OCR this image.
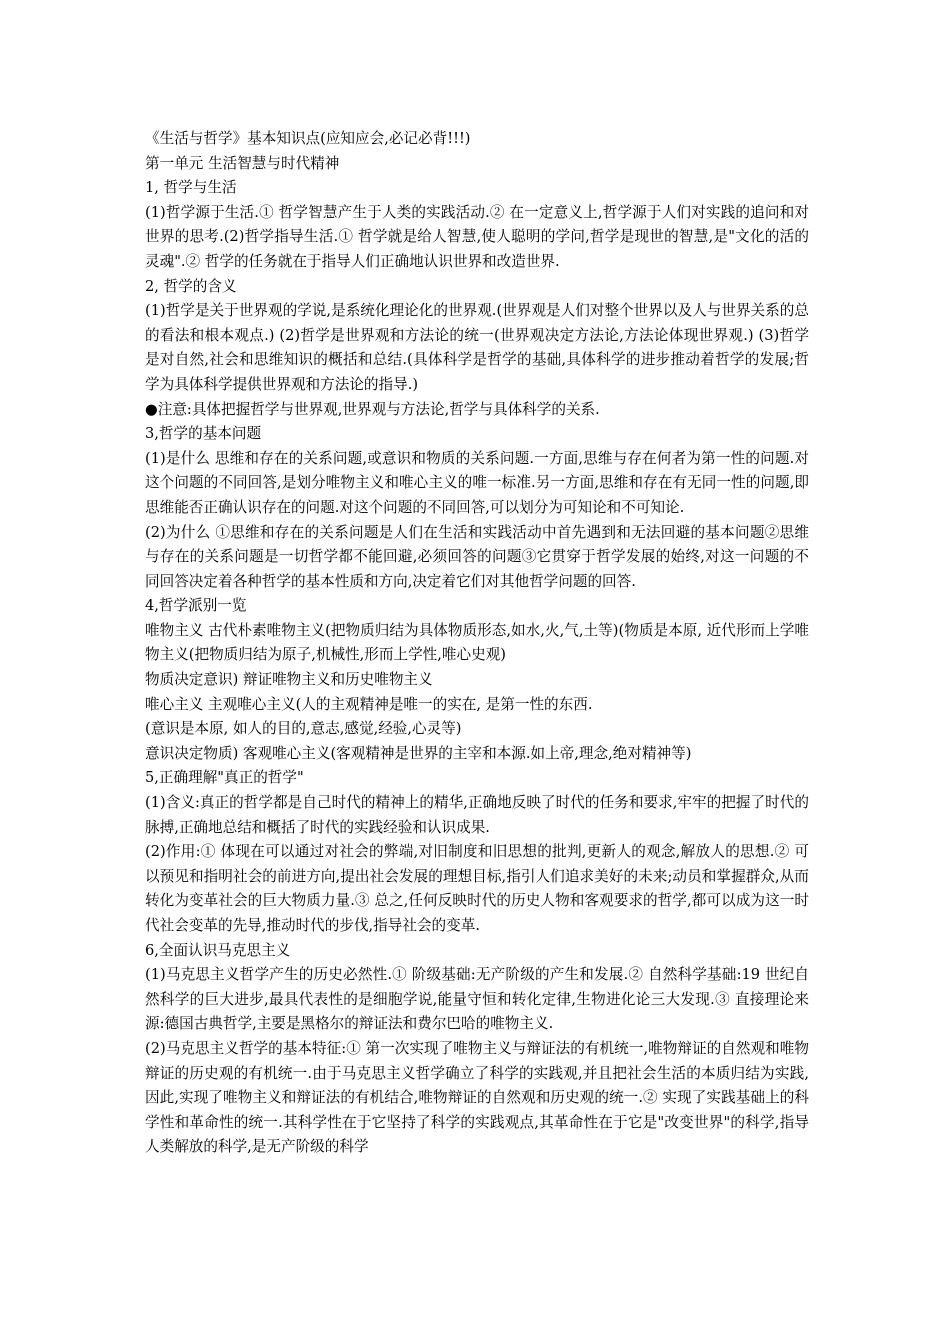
《生活与哲学》基本知识点(应知应会,必记必背!!!)

第一单元 生活智慧与时代精神

1, 哲学与生活

(1)哲学源于生活.① 哲学智慧产生于人类的实践活动.② 在一定意义上,哲学源于人们对实践的追问和对世界的思考.(2)哲学指导生活.① 哲学就是给人智慧,使人聪明的学问,哲学是现世的智慧,是"文化的活的灵魂".② 哲学的任务就在于指导人们正确地认识世界和改造世界.

2, 哲学的含义

(1)哲学是关于世界观的学说,是系统化理论化的世界观.(世界观是人们对整个世界以及人与世界关系的总的看法和根本观点.) (2)哲学是世界观和方法论的统一(世界观决定方法论,方法论体现世界观.) (3)哲学是对自然,社会和思维知识的概括和总结.(具体科学是哲学的基础,具体科学的进步推动着哲学的发展;哲学为具体科学提供世界观和方法论的指导.)

●注意:具体把握哲学与世界观,世界观与方法论,哲学与具体科学的关系.

3,哲学的基本问题

(1)是什么 思维和存在的关系问题,或意识和物质的关系问题.一方面,思维与存在何者为第一性的问题.对这个问题的不同回答,是划分唯物主义和唯心主义的唯一标准.另一方面,思维和存在有无同一性的问题,即思维能否正确认识存在的问题.对这个问题的不同回答,可以划分为可知论和不可知论.

(2)为什么 ①思维和存在的关系问题是人们在生活和实践活动中首先遇到和无法回避的基本问题②思维与存在的关系问题是一切哲学都不能回避,必须回答的问题③它贯穿于哲学发展的始终,对这一问题的不同回答决定着各种哲学的基本性质和方向,决定着它们对其他哲学问题的回答.

4,哲学派别一览

唯物主义 古代朴素唯物主义(把物质归结为具体物质形态,如水,火,气,土等)(物质是本原, 近代形而上学唯物主义(把物质归结为原子,机械性,形而上学性,唯心史观)

物质决定意识) 辩证唯物主义和历史唯物主义

唯心主义 主观唯心主义(人的主观精神是唯一的实在, 是第一性的东西.

(意识是本原, 如人的目的,意志,感觉,经验,心灵等)

意识决定物质) 客观唯心主义(客观精神是世界的主宰和本源.如上帝,理念,绝对精神等)

5,正确理解"真正的哲学"

(1)含义:真正的哲学都是自己时代的精神上的精华,正确地反映了时代的任务和要求,牢牢的把握了时代的脉搏,正确地总结和概括了时代的实践经验和认识成果.

(2)作用:① 体现在可以通过对社会的弊端,对旧制度和旧思想的批判,更新人的观念,解放人的思想.② 可以预见和指明社会的前进方向,提出社会发展的理想目标,指引人们追求美好的未来;动员和掌握群众,从而转化为变革社会的巨大物质力量.③ 总之,任何反映时代的历史人物和客观要求的哲学,都可以成为这一时代社会变革的先导,推动时代的步伐,指导社会的变革.

6,全面认识马克思主义

(1)马克思主义哲学产生的历史必然性.① 阶级基础:无产阶级的产生和发展.② 自然科学基础:19 世纪自然科学的巨大进步,最具代表性的是细胞学说,能量守恒和转化定律,生物进化论三大发现.③ 直接理论来源:德国古典哲学,主要是黑格尔的辩证法和费尔巴哈的唯物主义.

(2)马克思主义哲学的基本特征:① 第一次实现了唯物主义与辩证法的有机统一,唯物辩证的自然观和唯物辩证的历史观的有机统一.由于马克思主义哲学确立了科学的实践观,并且把社会生活的本质归结为实践,因此,实现了唯物主义和辩证法的有机结合,唯物辩证的自然观和历史观的统一.② 实现了实践基础上的科学性和革命性的统一.其科学性在于它坚持了科学的实践观点,其革命性在于它是"改变世界"的科学,指导人类解放的科学,是无产阶级的科学
